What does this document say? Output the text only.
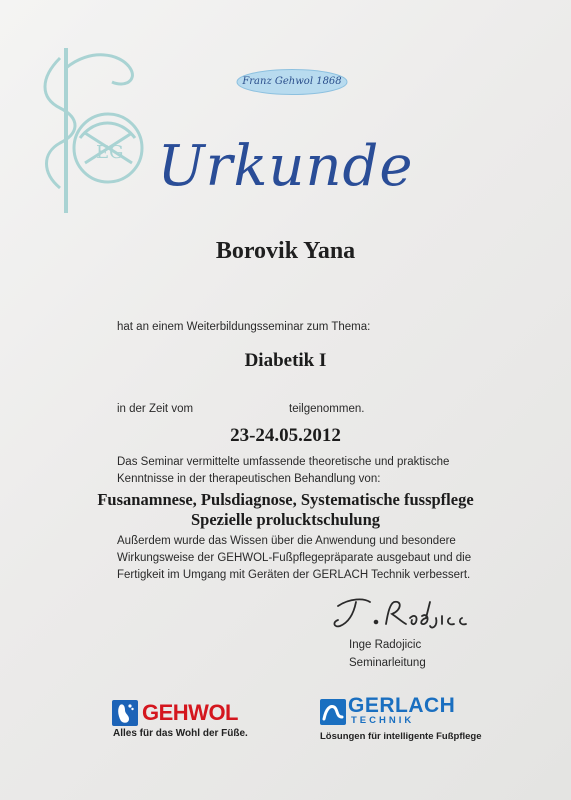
EG
Franz Gehwol 1868
Urkunde
Borovik Yana
hat an einem Weiterbildungsseminar zum Thema:
Diabetik I
in der Zeit vom	teilgenommen.
23-24.05.2012
Das Seminar vermittelte umfassende theoretische und praktische
Kenntnisse in der therapeutischen Behandlung von:
Fusanamnese, Pulsdiagnose, Systematische fusspflege
Spezielle prolucktschulung
Außerdem wurde das Wissen über die Anwendung und besondere
Wirkungsweise der GEHWOL-Fußpflegepräparate ausgebaut und die
Fertigkeit im Umgang mit Geräten der GERLACH Technik verbessert.
Inge Radojicic
Seminarleitung
GEHWOL
Alles für das Wohl der Füße.
GERLACH
TECHNIK
Lösungen für intelligente Fußpflege
